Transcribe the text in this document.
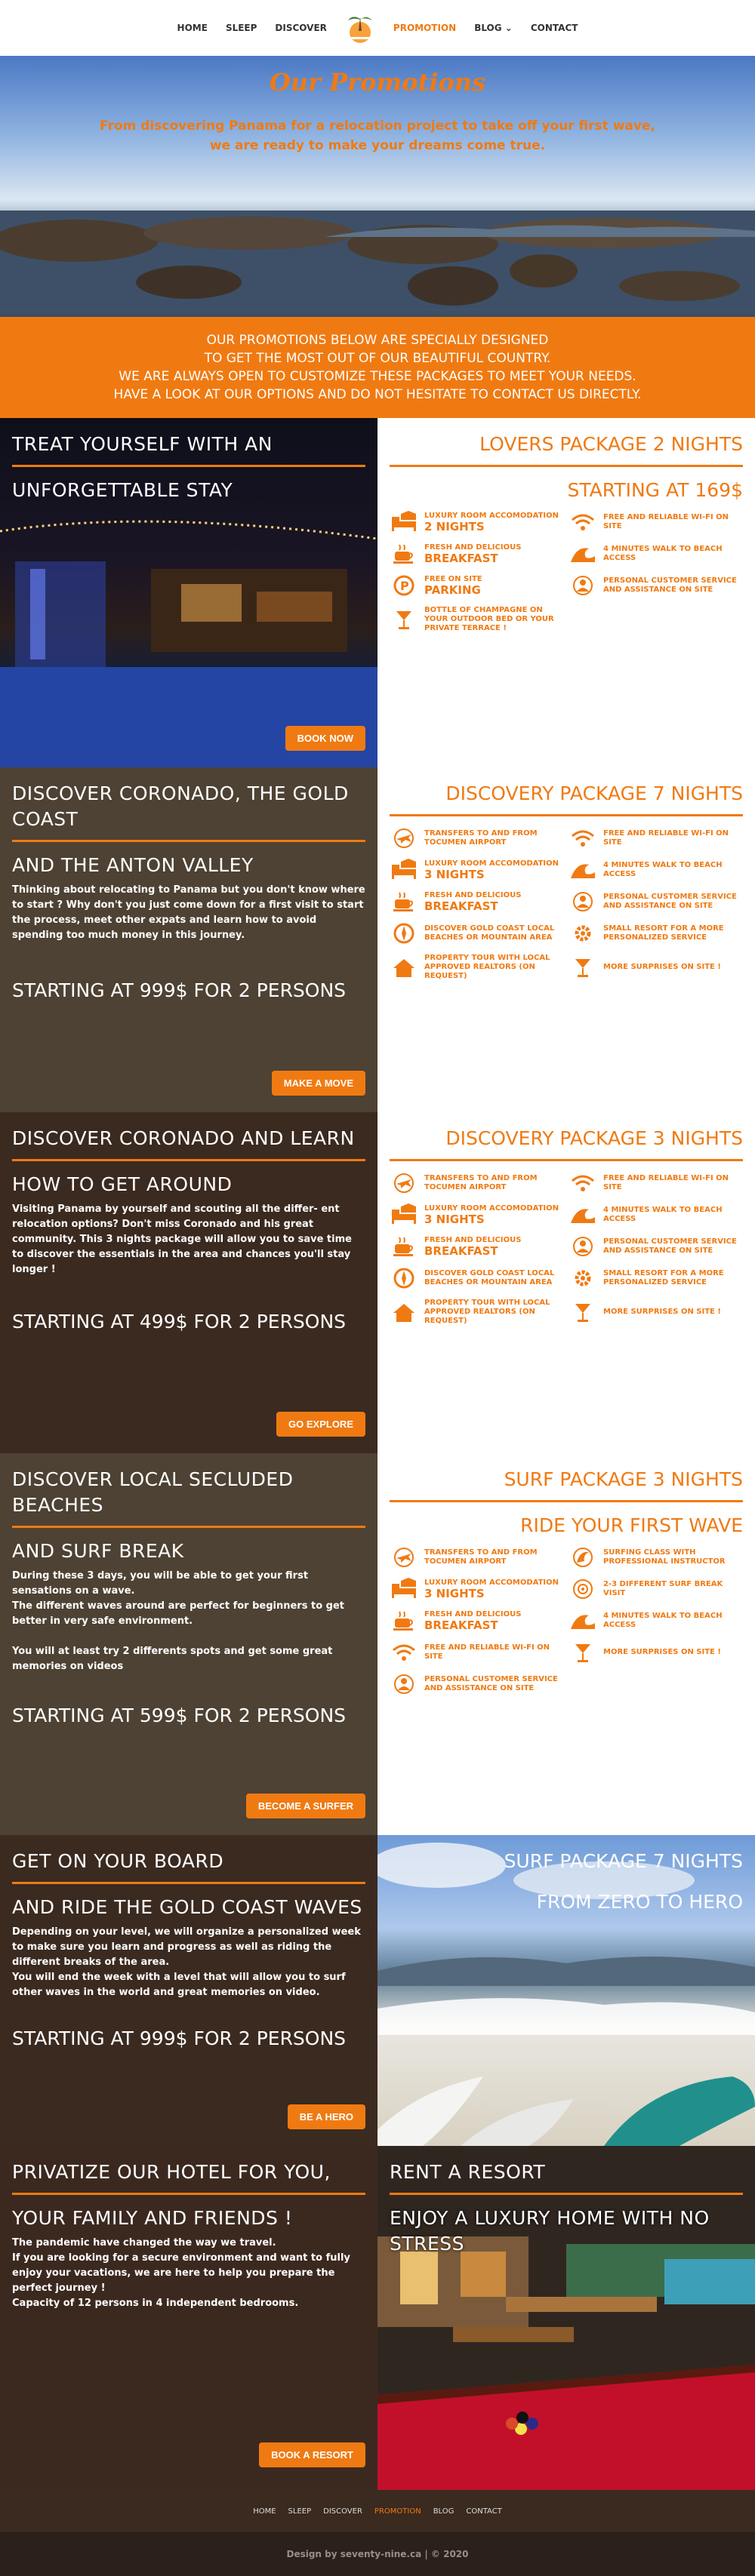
HOME SLEEP DISCOVER	PROMOTION BLOG ⌄ CONTACT
Our Promotions

From discovering Panama for a relocation project to take off your first wave,
we are ready to make your dreams come true.

OUR PROMOTIONS BELOW ARE SPECIALLY DESIGNED
TO GET THE MOST OUT OF OUR BEAUTIFUL COUNTRY.
WE ARE ALWAYS OPEN TO CUSTOMIZE THESE PACKAGES TO MEET YOUR NEEDS.
HAVE A LOOK AT OUR OPTIONS AND DO NOT HESITATE TO CONTACT US DIRECTLY.
TREAT YOURSELF WITH AN
UNFORGETTABLE STAY
BOOK NOW
LOVERS PACKAGE 2 NIGHTS
STARTING AT 169$
LUXURY ROOM ACCOMODATION
2 NIGHTS
FREE AND RELIABLE WI-FI ON SITE
FRESH AND DELICIOUS
BREAKFAST
4 MINUTES WALK TO BEACH ACCESS
P FREE ON SITE
PARKING
PERSONAL CUSTOMER SERVICE AND ASSISTANCE ON SITE
BOTTLE OF CHAMPAGNE ON YOUR OUTDOOR BED OR YOUR PRIVATE TERRACE !
DISCOVER CORONADO, THE GOLD COAST
AND THE ANTON VALLEY
Thinking about relocating to Panama but you don't know where to start ? Why don't you just come down for a first visit to start the process, meet other expats and learn how to avoid spending too much money in this journey.
STARTING AT 999$ FOR 2 PERSONS
MAKE A MOVE
DISCOVERY PACKAGE 7 NIGHTS
TRANSFERS TO AND FROM TOCUMEN AIRPORT
FREE AND RELIABLE WI-FI ON SITE
LUXURY ROOM ACCOMODATION
3 NIGHTS
4 MINUTES WALK TO BEACH ACCESS
FRESH AND DELICIOUS
BREAKFAST
PERSONAL CUSTOMER SERVICE AND ASSISTANCE ON SITE
DISCOVER GOLD COAST LOCAL BEACHES OR MOUNTAIN AREA
SMALL RESORT FOR A MORE PERSONALIZED SERVICE
PROPERTY TOUR WITH LOCAL APPROVED REALTORS (ON REQUEST)
MORE SURPRISES ON SITE !
DISCOVER CORONADO AND LEARN
HOW TO GET AROUND
Visiting Panama by yourself and scouting all the differ- ent relocation options? Don't miss Coronado and his great community. This 3 nights package will allow you to save time to discover the essentials in the area and chances you'll stay longer !
STARTING AT 499$ FOR 2 PERSONS
GO EXPLORE
DISCOVERY PACKAGE 3 NIGHTS
TRANSFERS TO AND FROM TOCUMEN AIRPORT
FREE AND RELIABLE WI-FI ON SITE
LUXURY ROOM ACCOMODATION
3 NIGHTS
4 MINUTES WALK TO BEACH ACCESS
FRESH AND DELICIOUS
BREAKFAST
PERSONAL CUSTOMER SERVICE AND ASSISTANCE ON SITE
DISCOVER GOLD COAST LOCAL BEACHES OR MOUNTAIN AREA
SMALL RESORT FOR A MORE PERSONALIZED SERVICE
PROPERTY TOUR WITH LOCAL APPROVED REALTORS (ON REQUEST)
MORE SURPRISES ON SITE !
DISCOVER LOCAL SECLUDED BEACHES
AND SURF BREAK
During these 3 days, you will be able to get your first sensations on a wave.
The different waves around are perfect for beginners to get better in very safe environment.

You will at least try 2 differents spots and get some great memories on videos
STARTING AT 599$ FOR 2 PERSONS
BECOME A SURFER
SURF PACKAGE 3 NIGHTS
RIDE YOUR FIRST WAVE
TRANSFERS TO AND FROM TOCUMEN AIRPORT
SURFING CLASS WITH PROFESSIONAL INSTRUCTOR
LUXURY ROOM ACCOMODATION
3 NIGHTS
2-3 DIFFERENT SURF BREAK VISIT
FRESH AND DELICIOUS
BREAKFAST
4 MINUTES WALK TO BEACH ACCESS
FREE AND RELIABLE WI-FI ON SITE
MORE SURPRISES ON SITE !
PERSONAL CUSTOMER SERVICE AND ASSISTANCE ON SITE
GET ON YOUR BOARD
AND RIDE THE GOLD COAST WAVES
Depending on your level, we will organize a personalized week to make sure you learn and progress as well as riding the different breaks of the area.
You will end the week with a level that will allow you to surf other waves in the world and great memories on video.
STARTING AT 999$ FOR 2 PERSONS
BE A HERO
SURF PACKAGE 7 NIGHTS
FROM ZERO TO HERO
PRIVATIZE OUR HOTEL FOR YOU,
YOUR FAMILY AND FRIENDS !
The pandemic have changed the way we travel.
If you are looking for a secure environment and want to fully enjoy your vacations, we are here to help you prepare the perfect journey !
Capacity of 12 persons in 4 independent bedrooms.
BOOK A RESORT
RENT A RESORT
ENJOY A LUXURY HOME WITH NO STRESS
HOME SLEEP DISCOVER PROMOTION BLOG CONTACT
Design by seventy-nine.ca | © 2020
